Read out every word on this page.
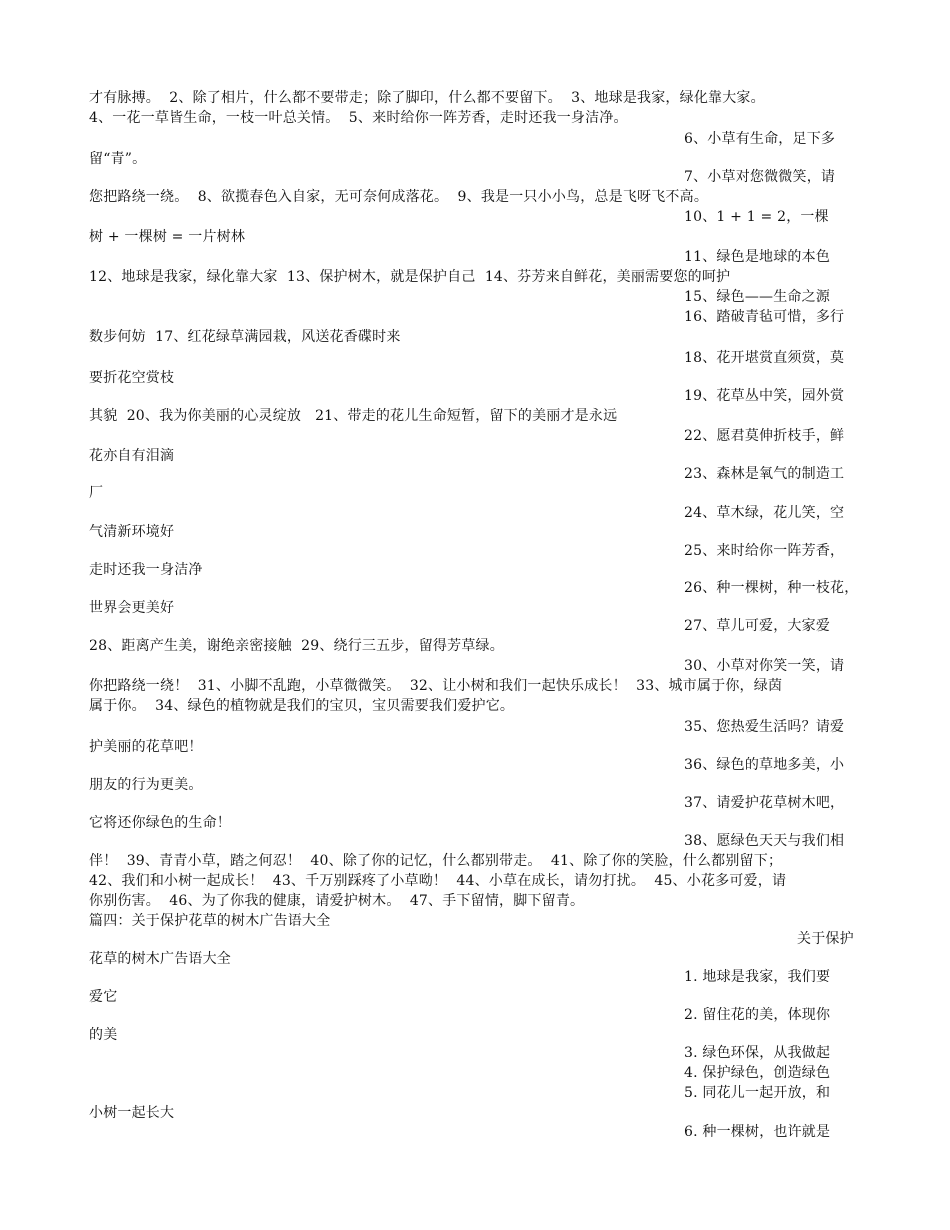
才有脉搏。  2、除了相片，什么都不要带走；除了脚印，什么都不要留下。  3、地球是我家，绿化靠大家。
4、一花一草皆生命，一枝一叶总关情。  5、来时给你一阵芳香，走时还我一身洁净。
6、小草有生命，足下多
留“青”。
7、小草对您微微笑，请
您把路绕一绕。  8、欲揽春色入自家，无可奈何成落花。  9、我是一只小小鸟，总是飞呀飞不高。
10、1 + 1 = 2，一棵
树 + 一棵树 = 一片树林
11、绿色是地球的本色
12、地球是我家，绿化靠大家  13、保护树木，就是保护自己  14、芬芳来自鲜花，美丽需要您的呵护
15、绿色——生命之源
16、踏破青毡可惜，多行
数步何妨  17、红花绿草满园栽，风送花香碟时来
18、花开堪赏直须赏，莫
要折花空赏枝
19、花草丛中笑，园外赏
其貌  20、我为你美丽的心灵绽放   21、带走的花儿生命短暂，留下的美丽才是永远
22、愿君莫伸折枝手，鲜
花亦自有泪滴
23、森林是氧气的制造工
厂
24、草木绿，花儿笑，空
气清新环境好
25、来时给你一阵芳香，
走时还我一身洁净
26、种一棵树，种一枝花，
世界会更美好
27、草儿可爱，大家爱
28、距离产生美，谢绝亲密接触  29、绕行三五步，留得芳草绿。
30、小草对你笑一笑，请
你把路绕一绕！  31、小脚不乱跑，小草微微笑。  32、让小树和我们一起快乐成长！  33、城市属于你，绿茵
属于你。  34、绿色的植物就是我们的宝贝，宝贝需要我们爱护它。
35、您热爱生活吗？请爱
护美丽的花草吧！
36、绿色的草地多美，小
朋友的行为更美。
37、请爱护花草树木吧，
它将还你绿色的生命！
38、愿绿色天天与我们相
伴！  39、青青小草，踏之何忍！  40、除了你的记忆，什么都别带走。  41、除了你的笑脸，什么都别留下；
42、我们和小树一起成长！  43、千万别踩疼了小草呦！  44、小草在成长，请勿打扰。  45、小花多可爱，请
你别伤害。  46、为了你我的健康，请爱护树木。  47、手下留情，脚下留青。
篇四：关于保护花草的树木广告语大全
关于保护
花草的树木广告语大全
1. 地球是我家，我们要
爱它
2. 留住花的美，体现你
的美
3. 绿色环保，从我做起
4. 保护绿色，创造绿色
5. 同花儿一起开放，和
小树一起长大
6. 种一棵树，也许就是
